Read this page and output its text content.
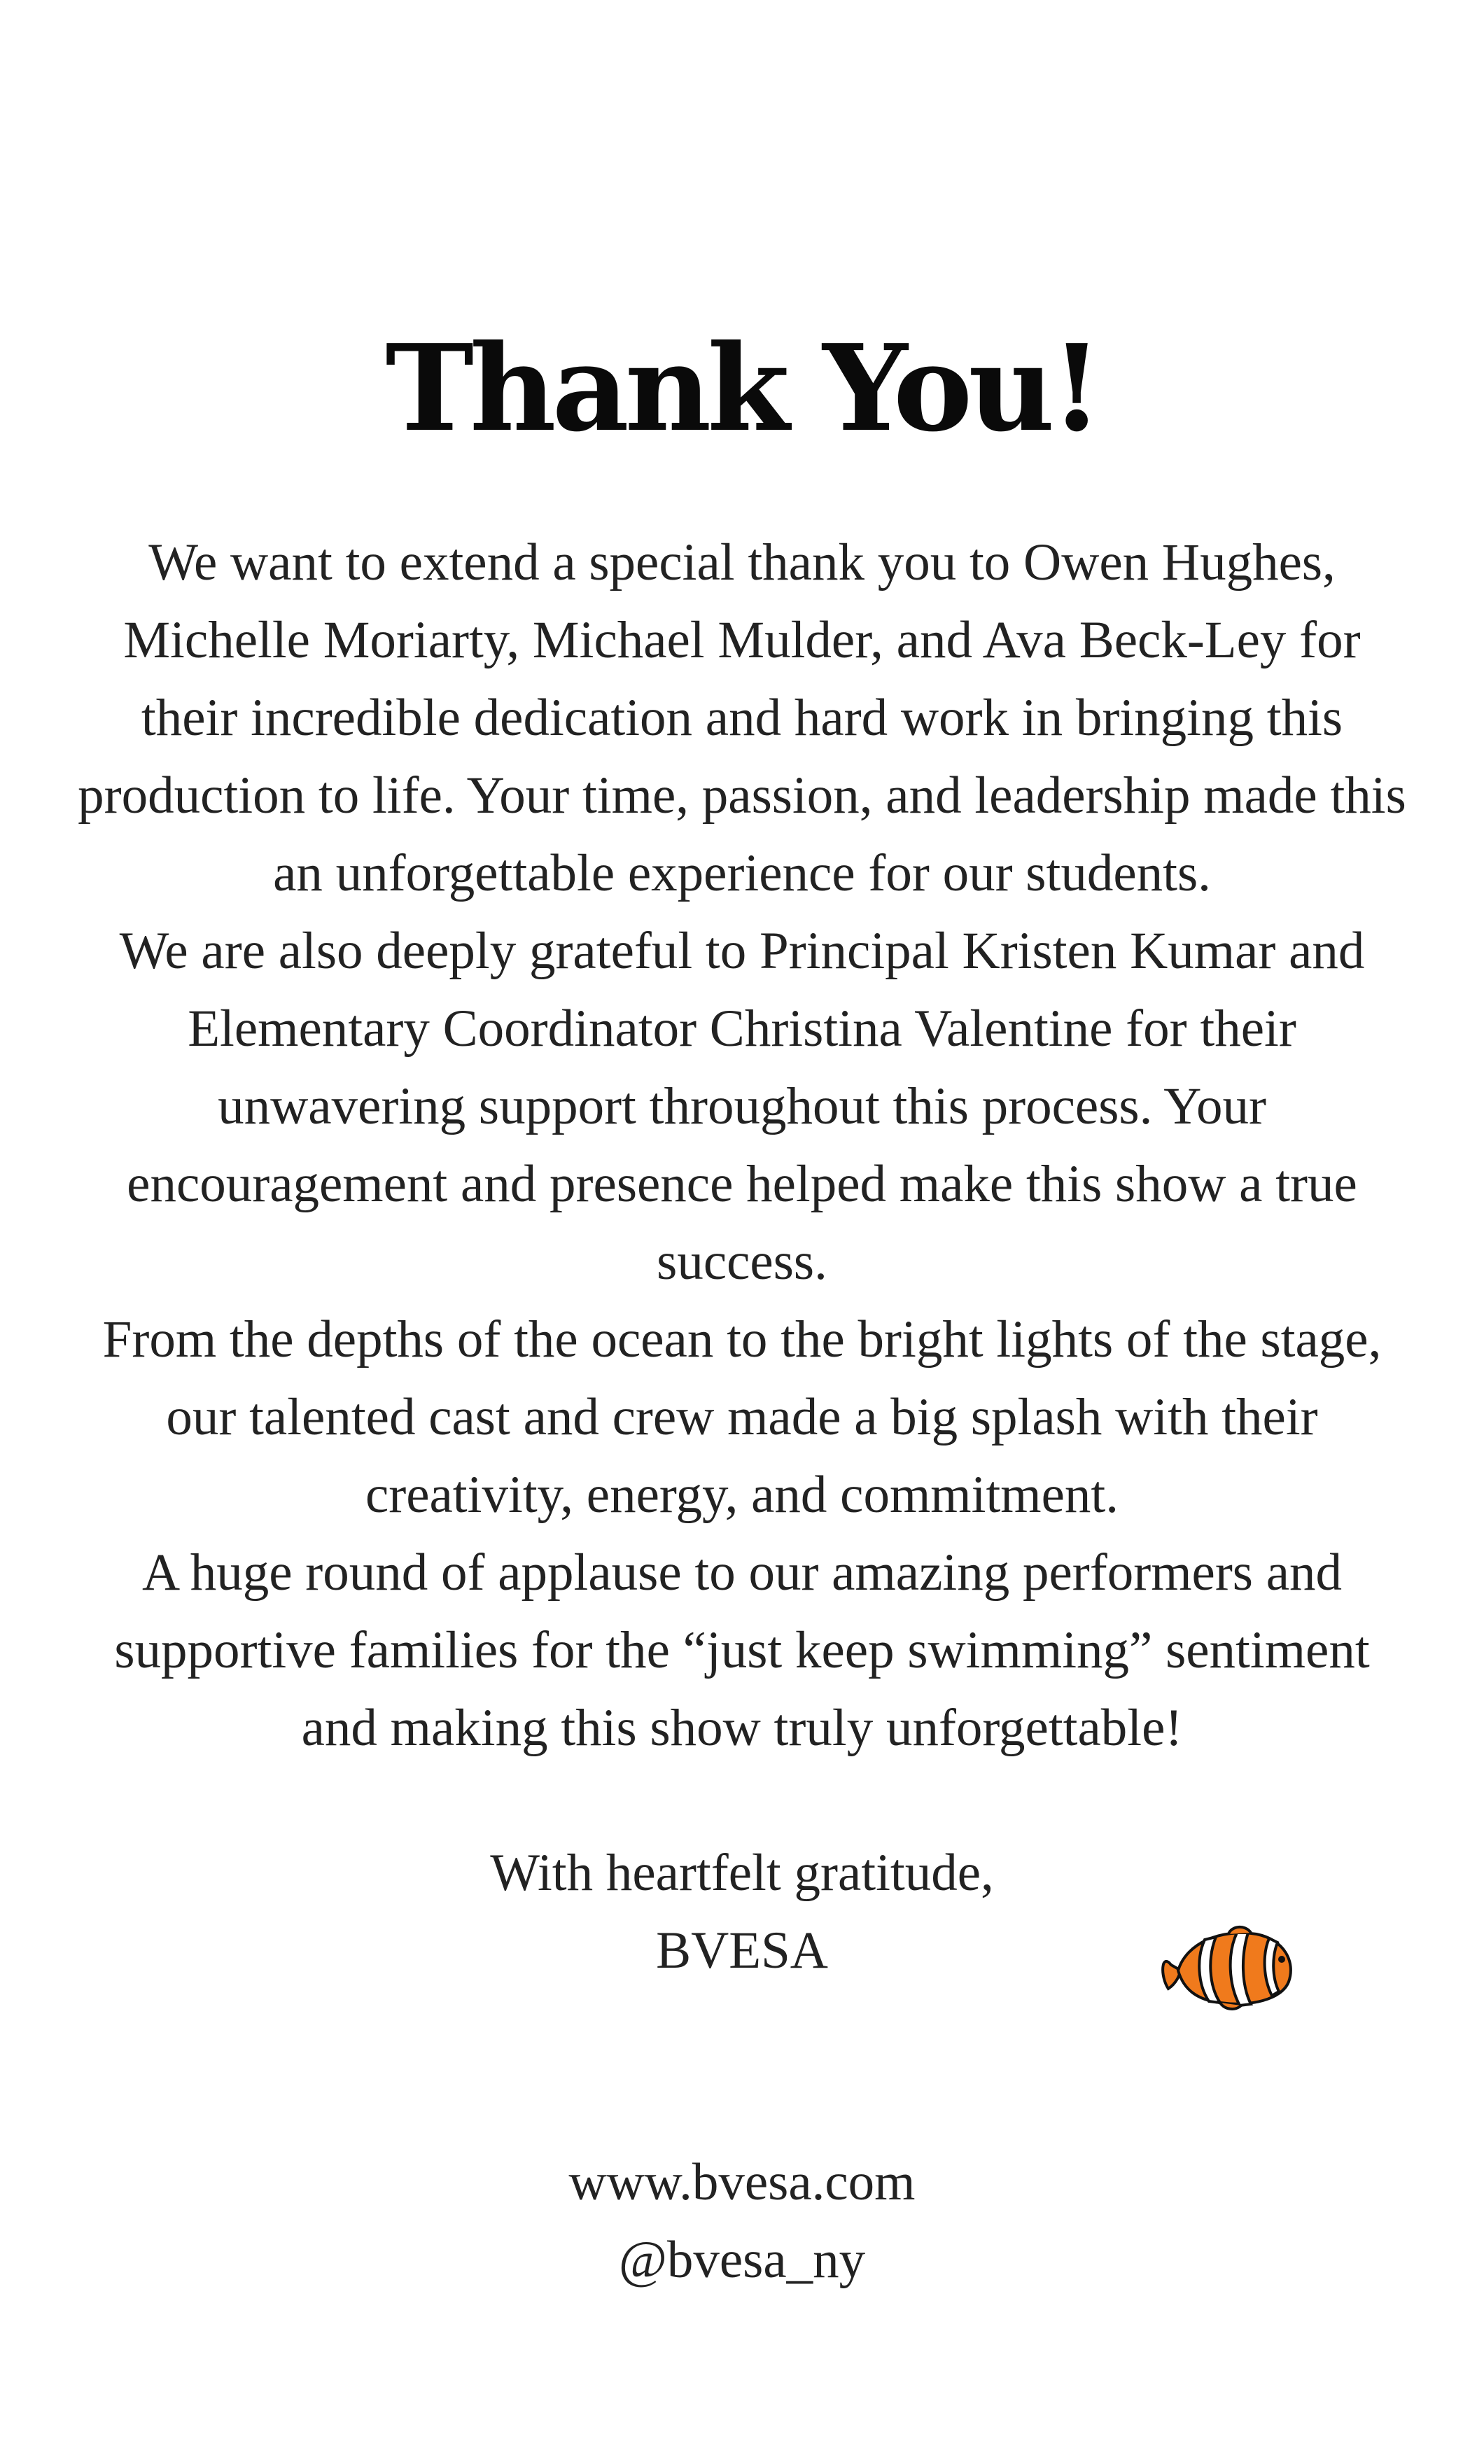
Thank You!

We want to extend a special thank you to Owen Hughes, Michelle Moriarty, Michael Mulder, and Ava Beck-Ley for their incredible dedication and hard work in bringing this production to life. Your time, passion, and leadership made this an unforgettable experience for our students.

We are also deeply grateful to Principal Kristen Kumar and Elementary Coordinator Christina Valentine for their unwavering support throughout this process. Your encouragement and presence helped make this show a true success.

From the depths of the ocean to the bright lights of the stage, our talented cast and crew made a big splash with their creativity, energy, and commitment.

A huge round of applause to our amazing performers and supportive families for the “just keep swimming” sentiment and making this show truly unforgettable!

With heartfelt gratitude,
BVESA
www.bvesa.com
@bvesa_ny
